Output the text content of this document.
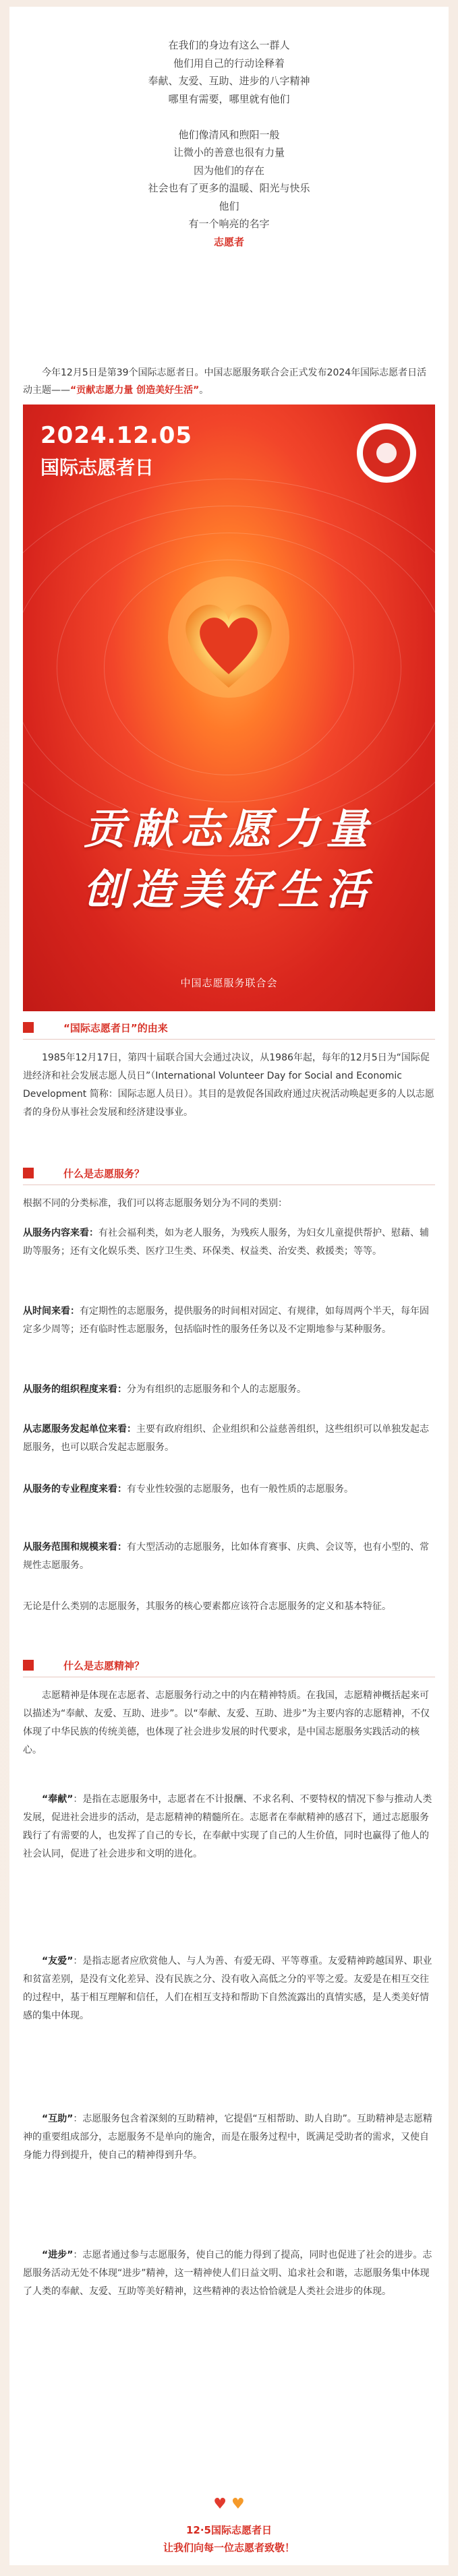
在我们的身边有这么一群人
他们用自己的行动诠释着
奉献、友爱、互助、进步的八字精神
哪里有需要，哪里就有他们
他们像清风和煦阳一般
让微小的善意也很有力量
因为他们的存在
社会也有了更多的温暖、阳光与快乐
他们
有一个响亮的名字
志愿者
今年12月5日是第39个国际志愿者日。中国志愿服务联合会正式发布2024年国际志愿者日活动主题——“贡献志愿力量 创造美好生活”。
2024.12.05
国际志愿者日
贡献志愿力量
创造美好生活
中国志愿服务联合会
“国际志愿者日”的由来
1985年12月17日，第四十届联合国大会通过决议，从1986年起，每年的12月5日为“国际促进经济和社会发展志愿人员日”（International Volunteer Day for Social and Economic Development 简称：国际志愿人员日）。其目的是敦促各国政府通过庆祝活动唤起更多的人以志愿者的身份从事社会发展和经济建设事业。
什么是志愿服务？
根据不同的分类标准，我们可以将志愿服务划分为不同的类别：
从服务内容来看：有社会福利类，如为老人服务，为残疾人服务，为妇女儿童提供帮护、慰藉、辅助等服务；还有文化娱乐类、医疗卫生类、环保类、权益类、治安类、救援类；等等。
从时间来看：有定期性的志愿服务，提供服务的时间相对固定、有规律，如每周两个半天，每年固定多少周等；还有临时性志愿服务，包括临时性的服务任务以及不定期地参与某种服务。
从服务的组织程度来看：分为有组织的志愿服务和个人的志愿服务。
从志愿服务发起单位来看：主要有政府组织、企业组织和公益慈善组织，这些组织可以单独发起志愿服务，也可以联合发起志愿服务。
从服务的专业程度来看：有专业性较强的志愿服务，也有一般性质的志愿服务。
从服务范围和规模来看：有大型活动的志愿服务，比如体育赛事、庆典、会议等，也有小型的、常规性志愿服务。
无论是什么类别的志愿服务，其服务的核心要素都应该符合志愿服务的定义和基本特征。
什么是志愿精神？
志愿精神是体现在志愿者、志愿服务行动之中的内在精神特质。在我国，志愿精神概括起来可以描述为“奉献、友爱、互助、进步”。以“奉献、友爱、互助、进步”为主要内容的志愿精神，不仅体现了中华民族的传统美德，也体现了社会进步发展的时代要求，是中国志愿服务实践活动的核心。
“奉献”：是指在志愿服务中，志愿者在不计报酬、不求名利、不要特权的情况下参与推动人类发展，促进社会进步的活动，是志愿精神的精髓所在。志愿者在奉献精神的感召下，通过志愿服务践行了有需要的人，也发挥了自己的专长，在奉献中实现了自己的人生价值，同时也赢得了他人的社会认同，促进了社会进步和文明的进化。
“友爱”：是指志愿者应欣赏他人、与人为善、有爱无碍、平等尊重。友爱精神跨越国界、职业和贫富差别，是没有文化差异、没有民族之分、没有收入高低之分的平等之爱。友爱是在相互交往的过程中，基于相互理解和信任，人们在相互支持和帮助下自然流露出的真情实感，是人类美好情感的集中体现。
“互助”：志愿服务包含着深刻的互助精神，它提倡“互相帮助、助人自助”。互助精神是志愿精神的重要组成部分，志愿服务不是单向的施舍，而是在服务过程中，既满足受助者的需求，又使自身能力得到提升，使自己的精神得到升华。
“进步”：志愿者通过参与志愿服务，使自己的能力得到了提高，同时也促进了社会的进步。志愿服务活动无处不体现“进步”精神，这一精神使人们日益文明、追求社会和谐，志愿服务集中体现了人类的奉献、友爱、互助等美好精神，这些精神的表达恰恰就是人类社会进步的体现。
♥ ♥
12·5国际志愿者日
让我们向每一位志愿者致敬！
